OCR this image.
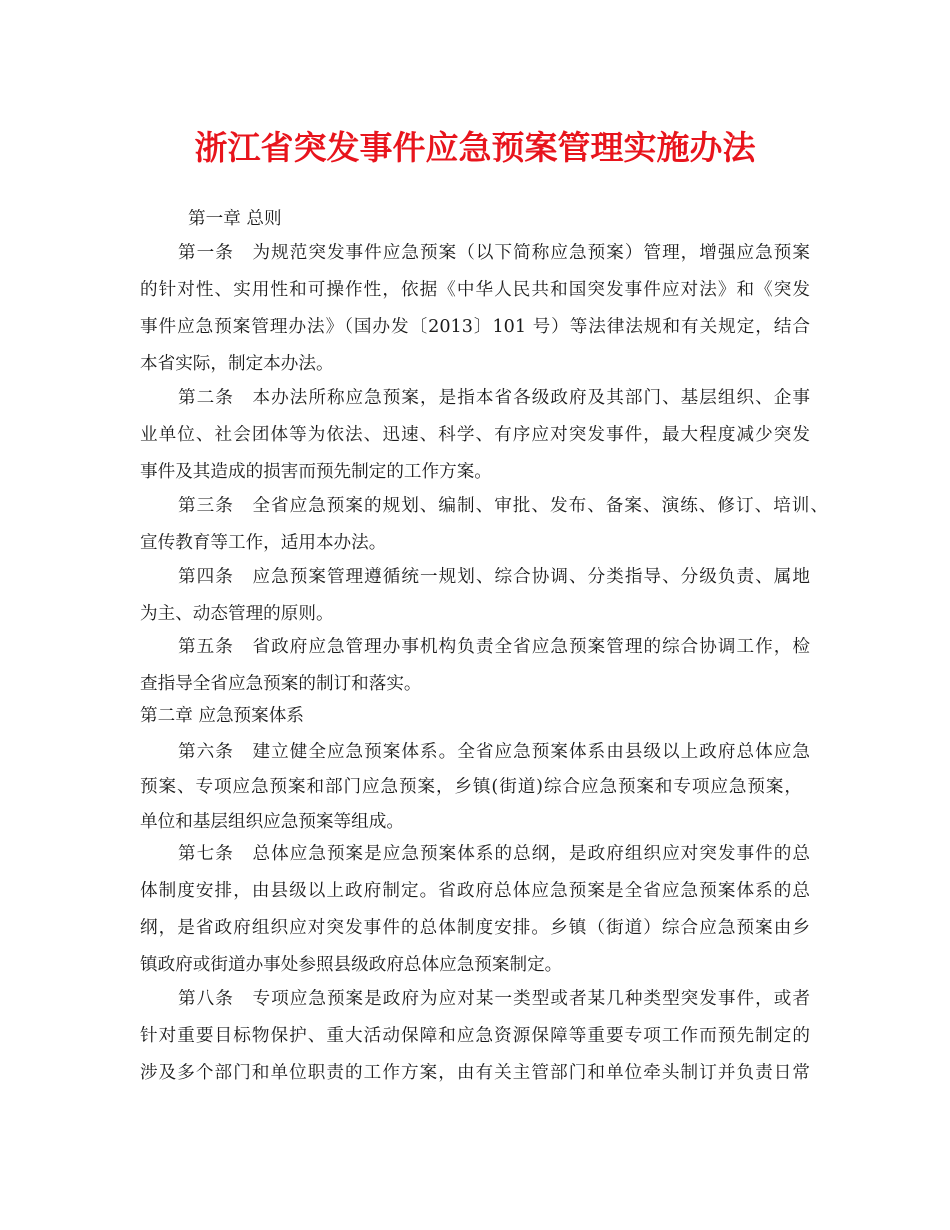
浙江省突发事件应急预案管理实施办法
第一章 总则
第一条　为规范突发事件应急预案（以下简称应急预案）管理，增强应急预案
的针对性、实用性和可操作性，依据《中华人民共和国突发事件应对法》和《突发
事件应急预案管理办法》（国办发〔2013〕101 号）等法律法规和有关规定，结合
本省实际，制定本办法。
第二条　本办法所称应急预案，是指本省各级政府及其部门、基层组织、企事
业单位、社会团体等为依法、迅速、科学、有序应对突发事件，最大程度减少突发
事件及其造成的损害而预先制定的工作方案。
第三条　全省应急预案的规划、编制、审批、发布、备案、演练、修订、培训、
宣传教育等工作，适用本办法。
第四条　应急预案管理遵循统一规划、综合协调、分类指导、分级负责、属地
为主、动态管理的原则。
第五条　省政府应急管理办事机构负责全省应急预案管理的综合协调工作，检
查指导全省应急预案的制订和落实。
第二章 应急预案体系
第六条　建立健全应急预案体系。全省应急预案体系由县级以上政府总体应急
预案、专项应急预案和部门应急预案，乡镇(街道)综合应急预案和专项应急预案，
单位和基层组织应急预案等组成。
第七条　总体应急预案是应急预案体系的总纲，是政府组织应对突发事件的总
体制度安排，由县级以上政府制定。省政府总体应急预案是全省应急预案体系的总
纲，是省政府组织应对突发事件的总体制度安排。乡镇（街道）综合应急预案由乡
镇政府或街道办事处参照县级政府总体应急预案制定。
第八条　专项应急预案是政府为应对某一类型或者某几种类型突发事件，或者
针对重要目标物保护、重大活动保障和应急资源保障等重要专项工作而预先制定的
涉及多个部门和单位职责的工作方案，由有关主管部门和单位牵头制订并负责日常
